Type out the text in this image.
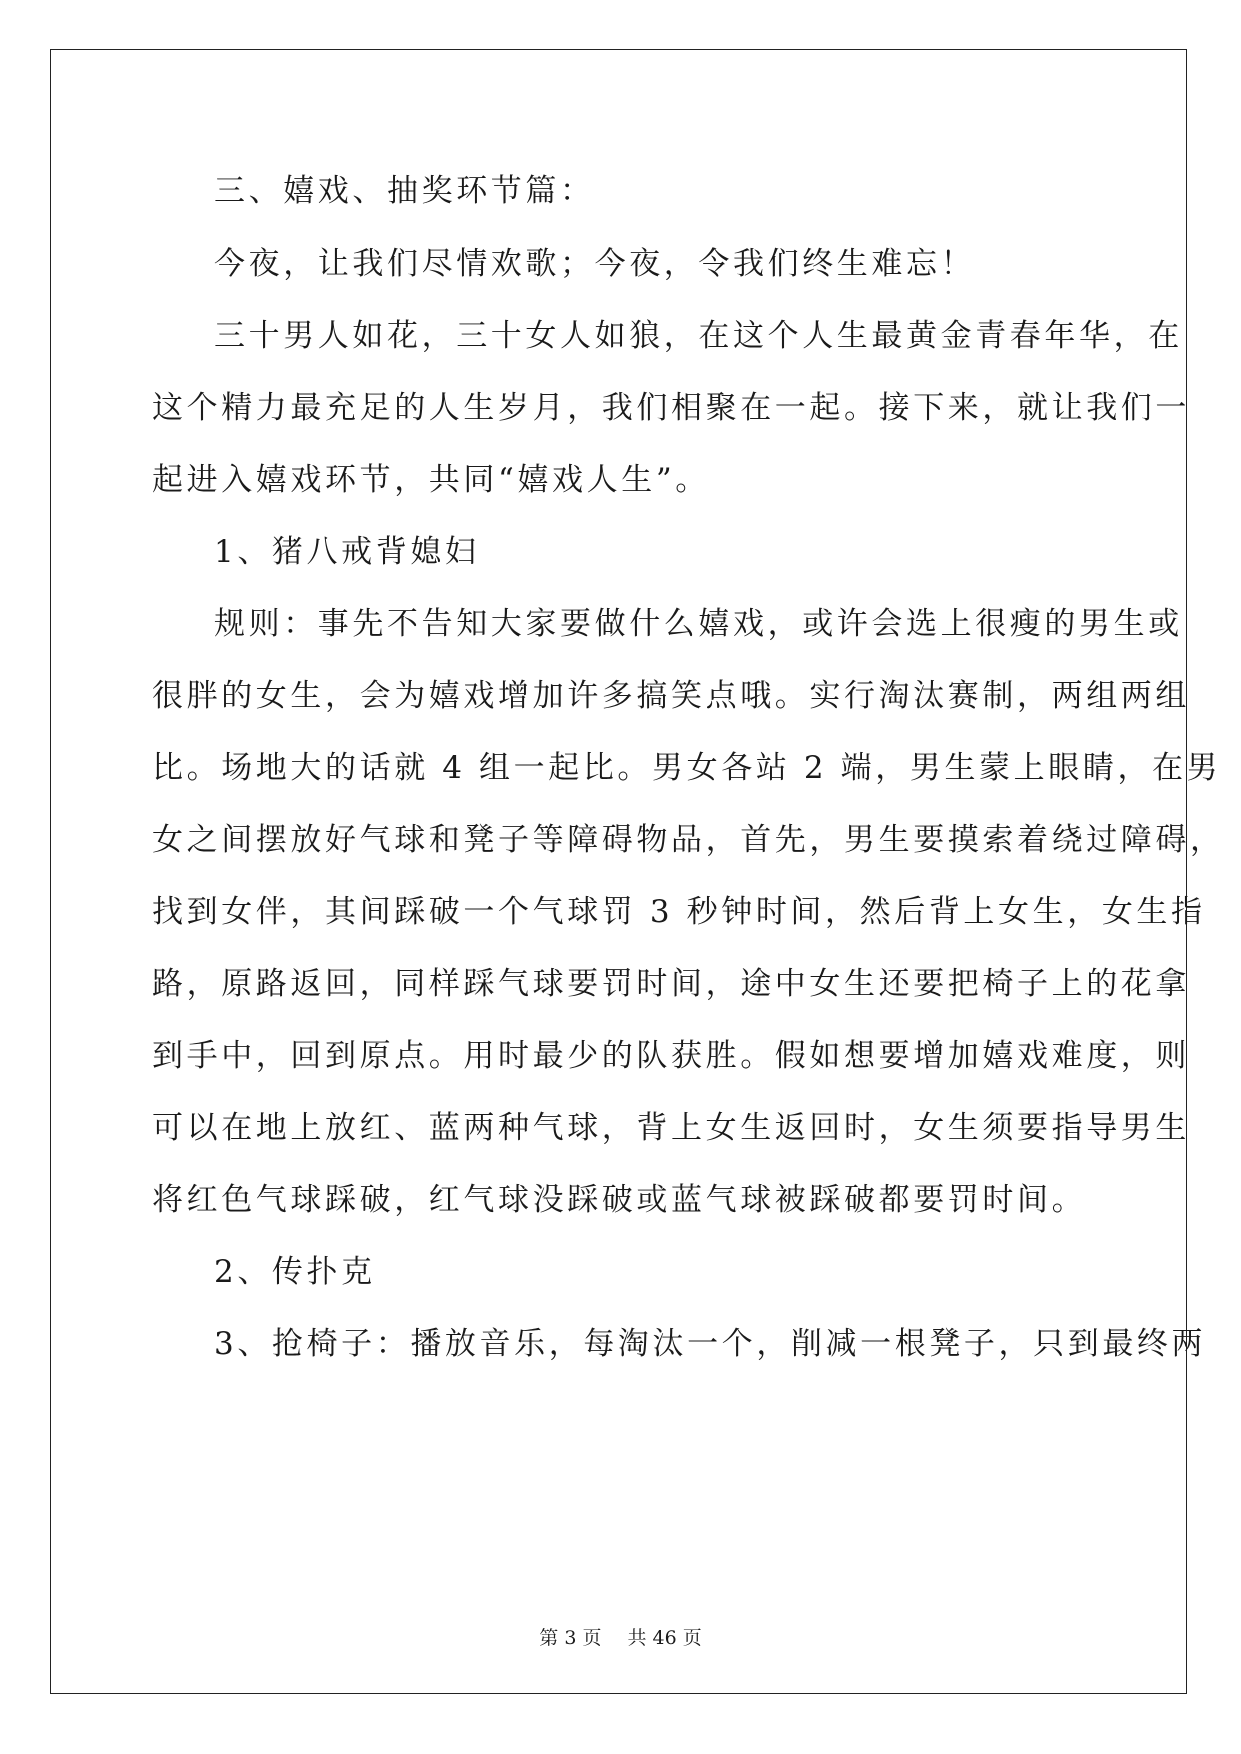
三、嬉戏、抽奖环节篇：
今夜，让我们尽情欢歌；今夜，令我们终生难忘！
三十男人如花，三十女人如狼，在这个人生最黄金青春年华，在
这个精力最充足的人生岁月，我们相聚在一起。接下来，就让我们一
起进入嬉戏环节，共同“嬉戏人生”。
1、猪八戒背媳妇
规则：事先不告知大家要做什么嬉戏，或许会选上很瘦的男生或
很胖的女生，会为嬉戏增加许多搞笑点哦。实行淘汰赛制，两组两组
比。场地大的话就 4 组一起比。男女各站 2 端，男生蒙上眼睛，在男
女之间摆放好气球和凳子等障碍物品，首先，男生要摸索着绕过障碍，
找到女伴，其间踩破一个气球罚 3 秒钟时间，然后背上女生，女生指
路，原路返回，同样踩气球要罚时间，途中女生还要把椅子上的花拿
到手中，回到原点。用时最少的队获胜。假如想要增加嬉戏难度，则
可以在地上放红、蓝两种气球，背上女生返回时，女生须要指导男生
将红色气球踩破，红气球没踩破或蓝气球被踩破都要罚时间。
2、传扑克
3、抢椅子：播放音乐，每淘汰一个，削减一根凳子，只到最终两
第 3 页 共 46 页
